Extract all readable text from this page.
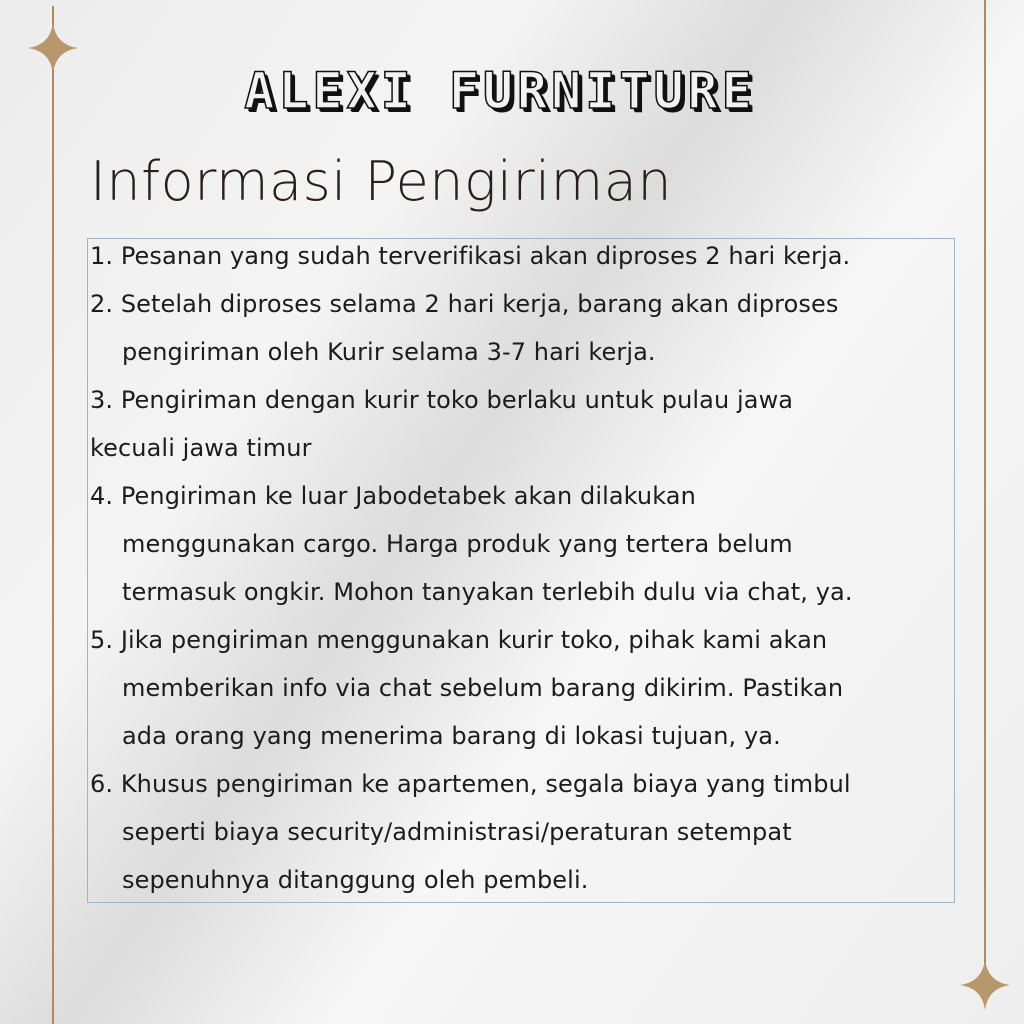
ALEXI FURNITURE
Informasi Pengiriman
1. Pesanan yang sudah terverifikasi akan diproses 2 hari kerja.
2. Setelah diproses selama 2 hari kerja, barang akan diproses
pengiriman oleh Kurir selama 3-7 hari kerja.
3. Pengiriman dengan kurir toko berlaku untuk pulau jawa
kecuali jawa timur
4. Pengiriman ke luar Jabodetabek akan dilakukan
menggunakan cargo. Harga produk yang tertera belum
termasuk ongkir. Mohon tanyakan terlebih dulu via chat, ya.
5. Jika pengiriman menggunakan kurir toko, pihak kami akan
memberikan info via chat sebelum barang dikirim. Pastikan
ada orang yang menerima barang di lokasi tujuan, ya.
6. Khusus pengiriman ke apartemen, segala biaya yang timbul
seperti biaya security/administrasi/peraturan setempat
sepenuhnya ditanggung oleh pembeli.
